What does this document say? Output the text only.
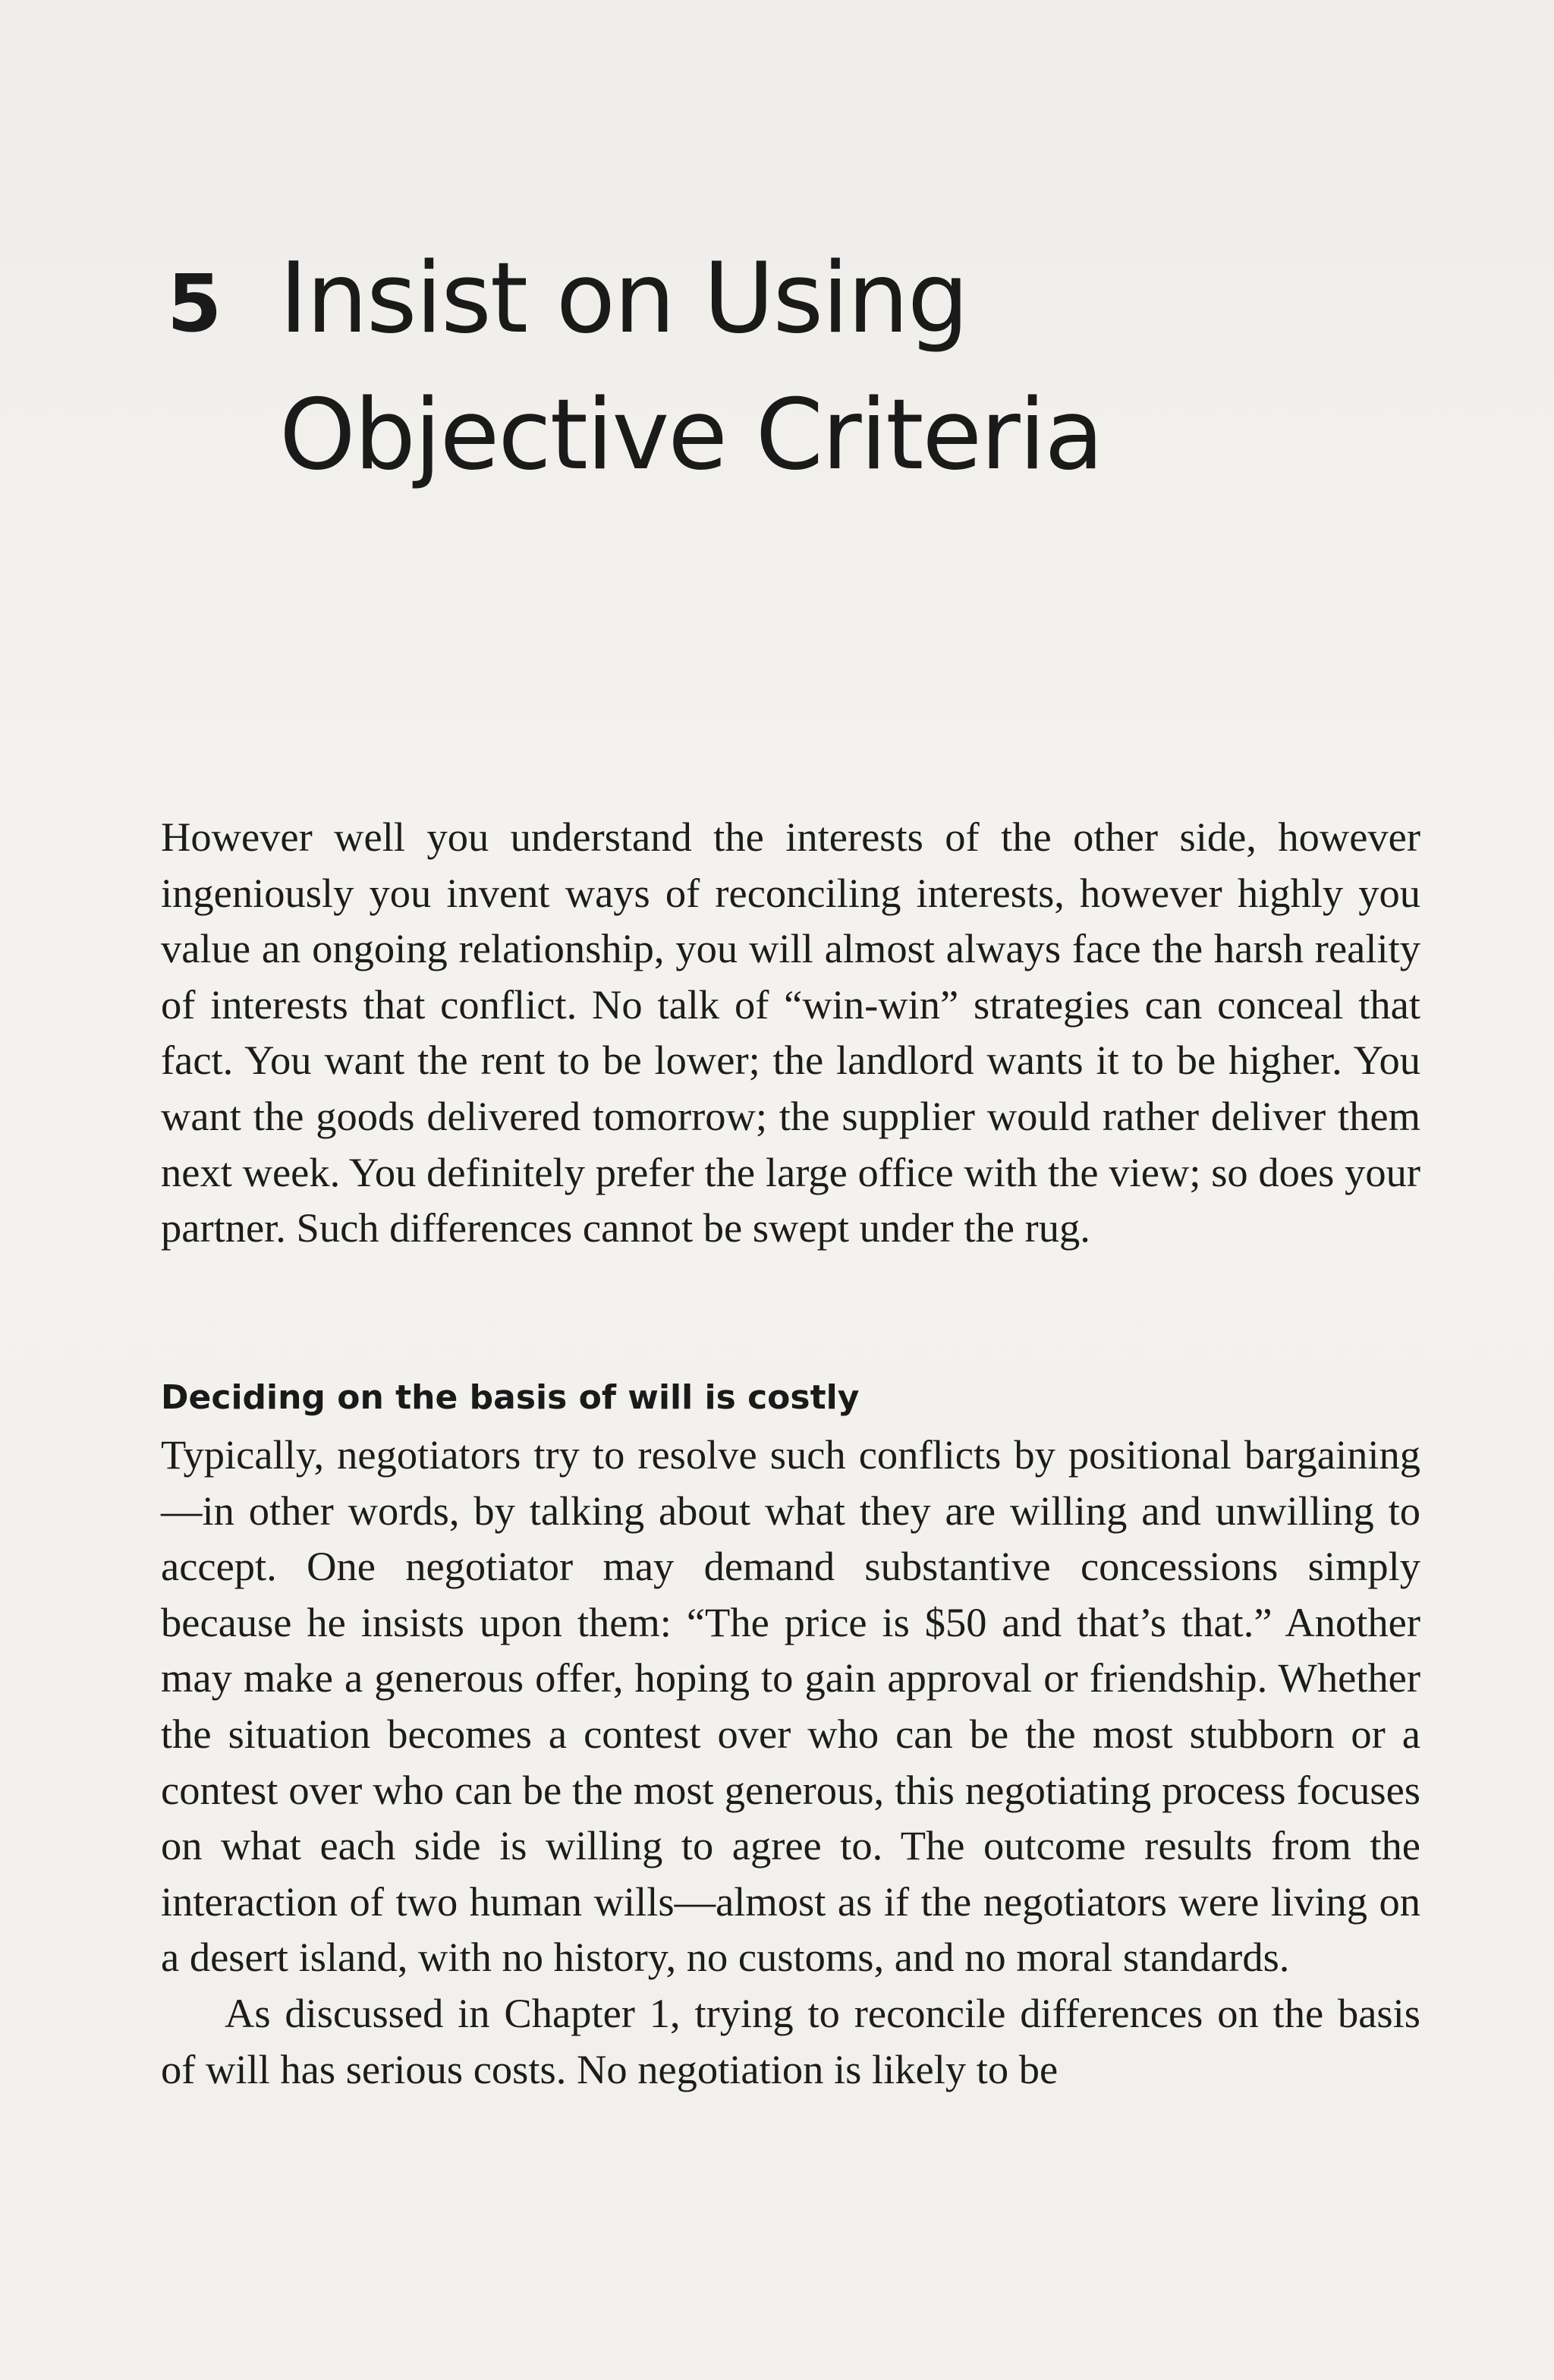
5 Insist on Using
Objective Criteria

However well you understand the interests of the other side, however ingeniously you invent ways of reconciling interests, however highly you value an ongoing relationship, you will almost always face the harsh reality of interests that conflict. No talk of “win-win” strategies can conceal that fact. You want the rent to be lower; the landlord wants it to be higher. You want the goods delivered tomorrow; the supplier would rather deliver them next week. You definitely prefer the large office with the view; so does your partner. Such differences cannot be swept under the rug.

Deciding on the basis of will is costly

Typically, negotiators try to resolve such conflicts by positional bargaining—in other words, by talking about what they are willing and unwilling to accept. One negotiator may demand substantive concessions simply because he insists upon them: “The price is $50 and that’s that.” Another may make a generous offer, hoping to gain approval or friendship. Whether the situation becomes a contest over who can be the most stubborn or a contest over who can be the most generous, this negotiating process focuses on what each side is willing to agree to. The outcome results from the interaction of two human wills—almost as if the negotiators were living on a desert island, with no history, no customs, and no moral standards.

As discussed in Chapter 1, trying to reconcile differences on the basis of will has serious costs. No negotiation is likely to be
